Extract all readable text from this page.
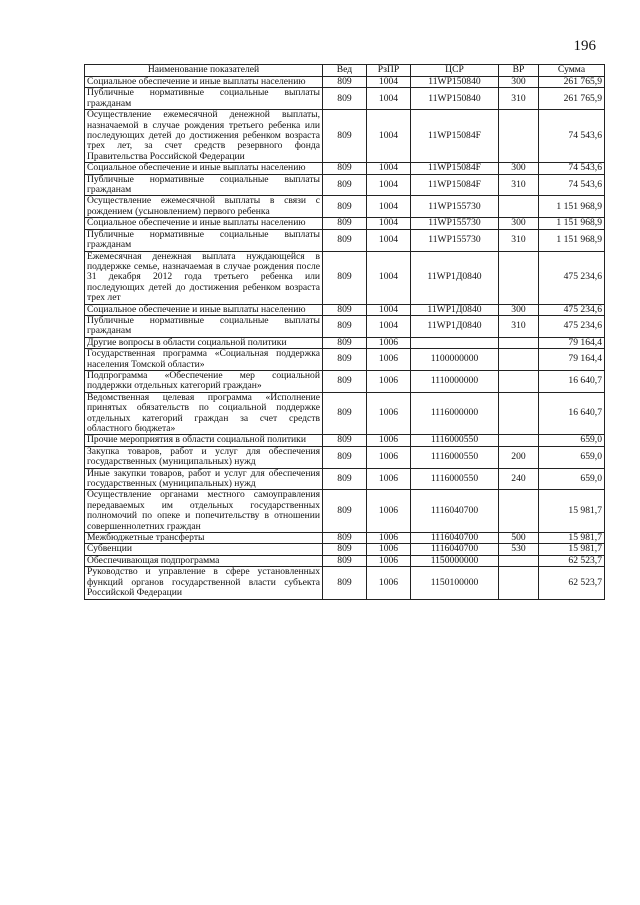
196
Наименование показателей	Вед	РзПР	ЦСР	ВР	Сумма
Социальное обеспечение и иные выплаты населению	809	1004	11WP150840	300	261 765,9
Публичные нормативные социальные выплаты гражданам	809	1004	11WP150840	310	261 765,9
Осуществление ежемесячной денежной выплаты, назначаемой в случае рождения третьего ребенка или последующих детей до достижения ребенком возраста трех лет, за счет средств резервного фонда Правительства Российской Федерации	809	1004	11WP15084F		74 543,6
Социальное обеспечение и иные выплаты населению	809	1004	11WP15084F	300	74 543,6
Публичные нормативные социальные выплаты гражданам	809	1004	11WP15084F	310	74 543,6
Осуществление ежемесячной выплаты в связи с рождением (усыновлением) первого ребенка	809	1004	11WP155730		1 151 968,9
Социальное обеспечение и иные выплаты населению	809	1004	11WP155730	300	1 151 968,9
Публичные нормативные социальные выплаты гражданам	809	1004	11WP155730	310	1 151 968,9
Ежемесячная денежная выплата нуждающейся в поддержке семье, назначаемая в случае рождения после 31 декабря 2012 года третьего ребенка или последующих детей до достижения ребенком возраста трех лет	809	1004	11WP1Д0840		475 234,6
Социальное обеспечение и иные выплаты населению	809	1004	11WP1Д0840	300	475 234,6
Публичные нормативные социальные выплаты гражданам	809	1004	11WP1Д0840	310	475 234,6
Другие вопросы в области социальной политики	809	1006			79 164,4
Государственная программа «Социальная поддержка населения Томской области»	809	1006	1100000000		79 164,4
Подпрограмма «Обеспечение мер социальной поддержки отдельных категорий граждан»	809	1006	1110000000		16 640,7
Ведомственная целевая программа «Исполнение принятых обязательств по социальной поддержке отдельных категорий граждан за счет средств областного бюджета»	809	1006	1116000000		16 640,7
Прочие мероприятия в области социальной политики	809	1006	1116000550		659,0
Закупка товаров, работ и услуг для обеспечения государственных (муниципальных) нужд	809	1006	1116000550	200	659,0
Иные закупки товаров, работ и услуг для обеспечения государственных (муниципальных) нужд	809	1006	1116000550	240	659,0
Осуществление органами местного самоуправления передаваемых им отдельных государственных полномочий по опеке и попечительству в отношении совершеннолетних граждан	809	1006	1116040700		15 981,7
Межбюджетные трансферты	809	1006	1116040700	500	15 981,7
Субвенции	809	1006	1116040700	530	15 981,7
Обеспечивающая подпрограмма	809	1006	1150000000		62 523,7
Руководство и управление в сфере установленных функций органов государственной власти субъекта Российской Федерации	809	1006	1150100000		62 523,7
